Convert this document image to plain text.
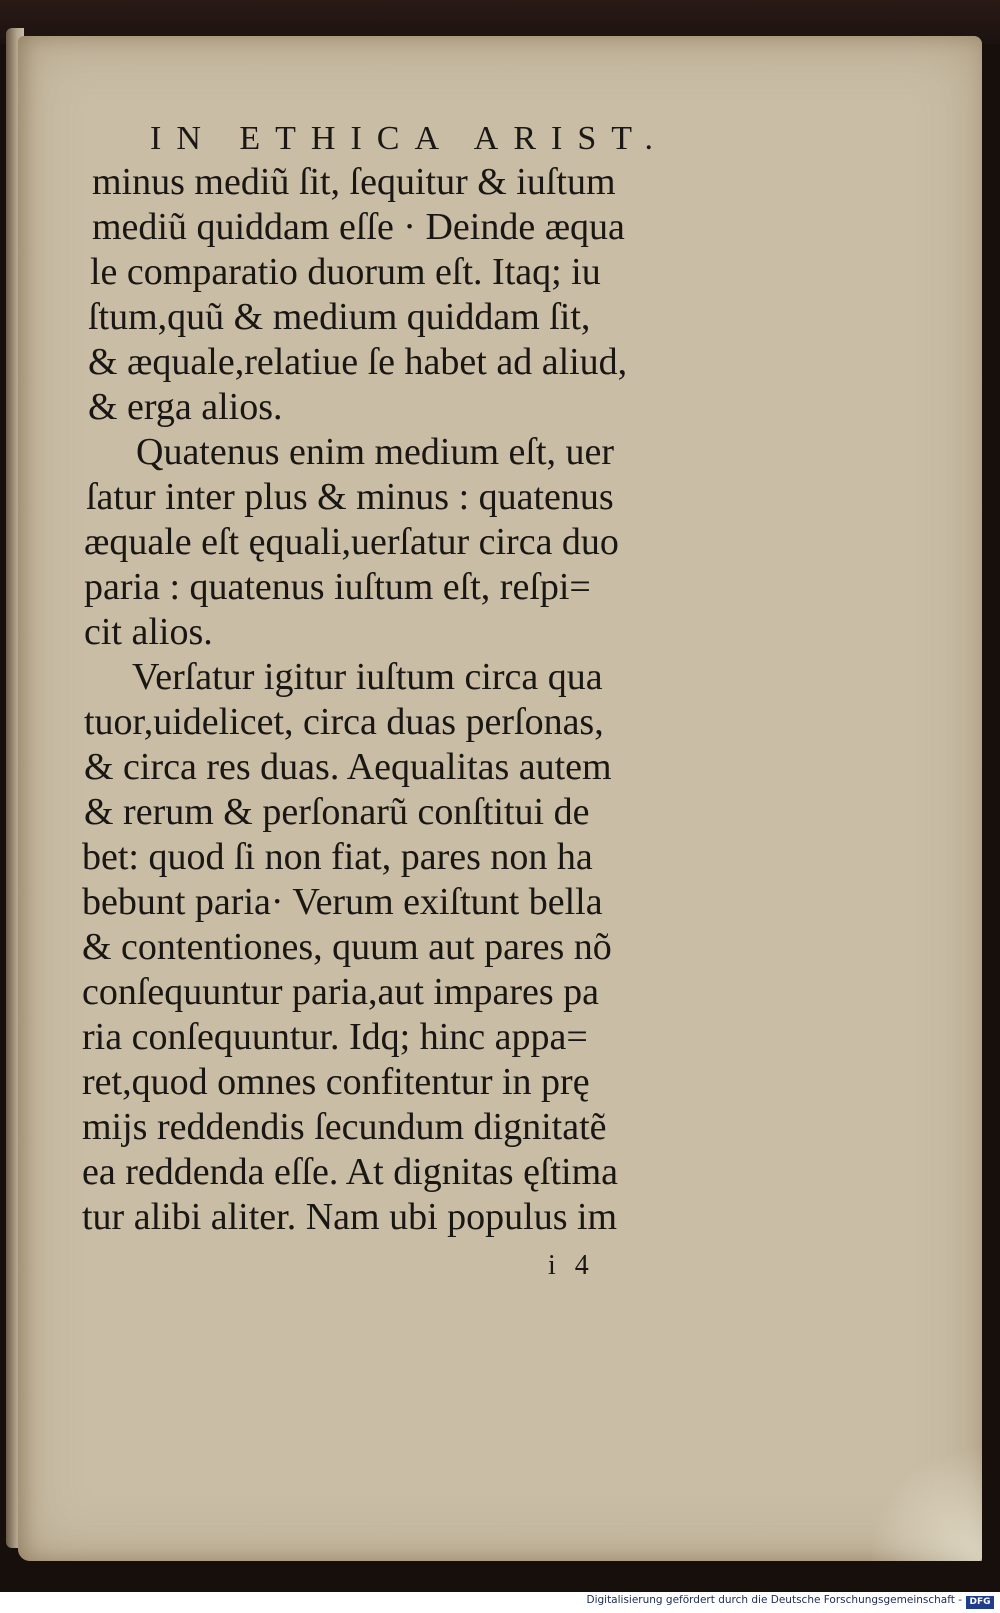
IN ETHICA ARIST.
minus mediũ ſit, ſequitur & iuſtum
mediũ quiddam eſſe · Deinde æqua
le comparatio duorum eſt. Itaq; iu
ſtum,quũ & medium quiddam ſit,
& æquale,relatiue ſe habet ad aliud,
& erga alios.
Quatenus enim medium eſt, uer
ſatur inter plus & minus : quatenus
æquale eſt ęquali,uerſatur circa duo
paria : quatenus iuſtum eſt, reſpi=
cit alios.
Verſatur igitur iuſtum circa qua
tuor,uidelicet, circa duas perſonas,
& circa res duas. Aequalitas autem
& rerum & perſonarũ conſtitui de
bet: quod ſi non fiat, pares non ha
bebunt paria· Verum exiſtunt bella
& contentiones, quum aut pares nõ
conſequuntur paria,aut impares pa
ria conſequuntur. Idq; hinc appa=
ret,quod omnes confitentur in prę
mijs reddendis ſecundum dignitatẽ
ea reddenda eſſe. At dignitas ęſtima
tur alibi aliter. Nam ubi populus im
i 4
Digitalisierung gefördert durch die Deutsche Forschungsgemeinschaft - DFG
